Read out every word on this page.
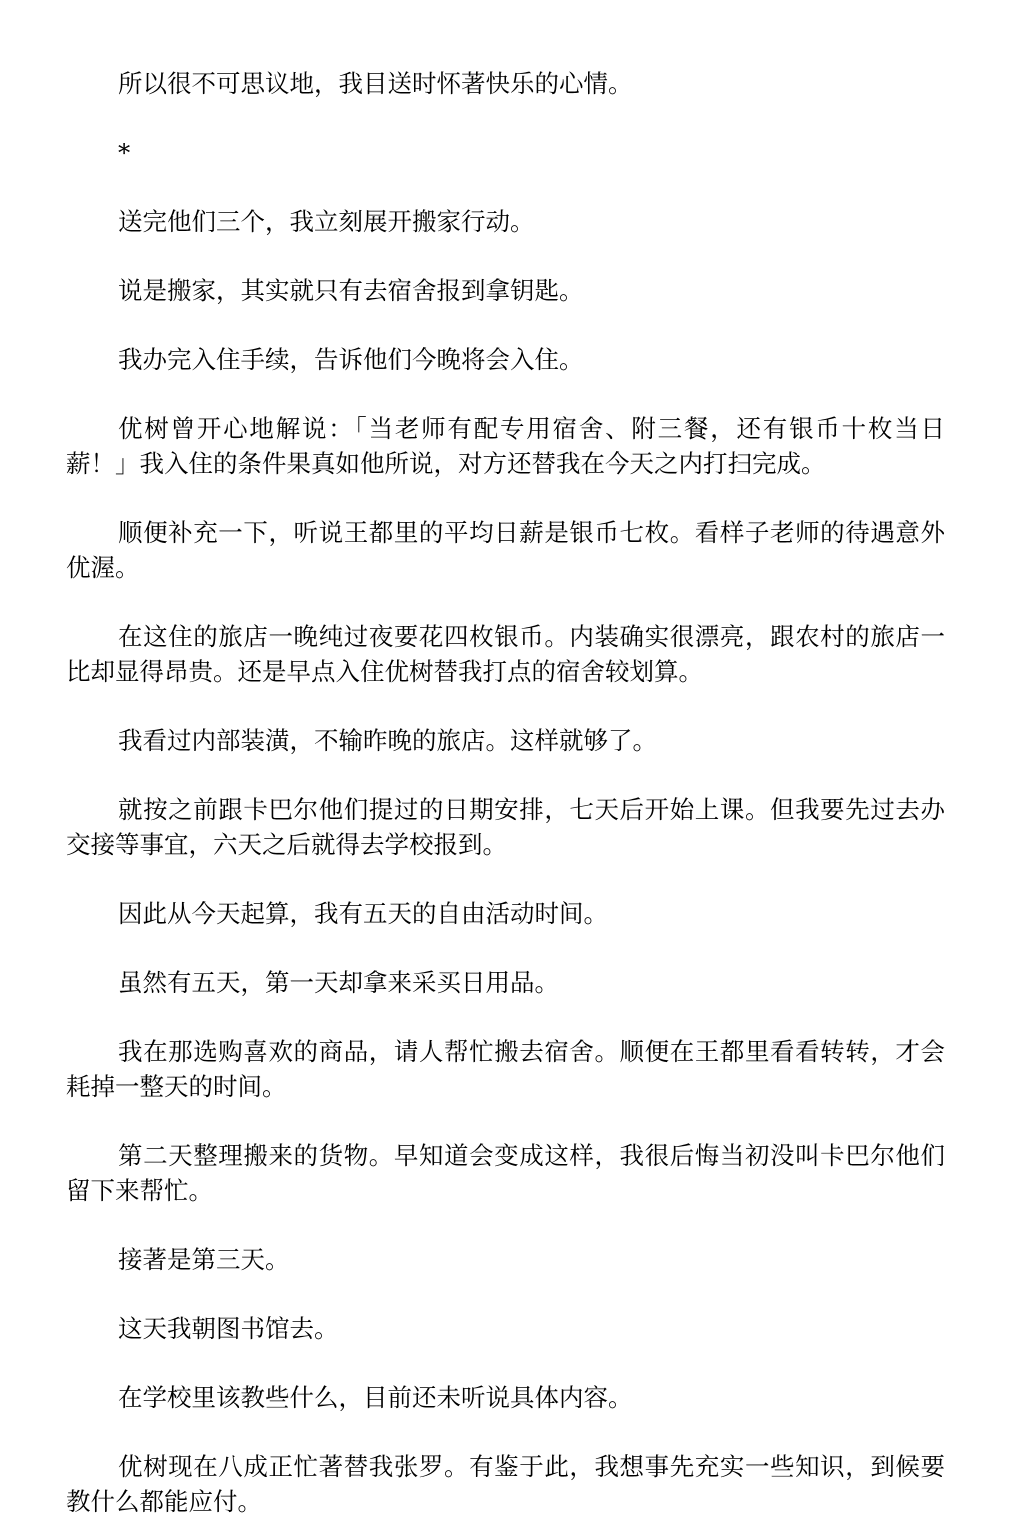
所以很不可思议地，我目送时怀著快乐的心情。

*

送完他们三个，我立刻展开搬家行动。

说是搬家，其实就只有去宿舍报到拿钥匙。

我办完入住手续，告诉他们今晚将会入住。

优树曾开心地解说：「当老师有配专用宿舍、附三餐，还有银币十枚当日薪！」我入住的条件果真如他所说，对方还替我在今天之内打扫完成。

顺便补充一下，听说王都里的平均日薪是银币七枚。看样子老师的待遇意外优渥。

在这住的旅店一晚纯过夜要花四枚银币。内装确实很漂亮，跟农村的旅店一比却显得昂贵。还是早点入住优树替我打点的宿舍较划算。

我看过内部装潢，不输昨晚的旅店。这样就够了。

就按之前跟卡巴尔他们提过的日期安排，七天后开始上课。但我要先过去办交接等事宜，六天之后就得去学校报到。

因此从今天起算，我有五天的自由活动时间。

虽然有五天，第一天却拿来采买日用品。

我在那选购喜欢的商品，请人帮忙搬去宿舍。顺便在王都里看看转转，才会耗掉一整天的时间。

第二天整理搬来的货物。早知道会变成这样，我很后悔当初没叫卡巴尔他们留下来帮忙。

接著是第三天。

这天我朝图书馆去。

在学校里该教些什么，目前还未听说具体内容。

优树现在八成正忙著替我张罗。有鉴于此，我想事先充实一些知识，到候要教什么都能应付。
